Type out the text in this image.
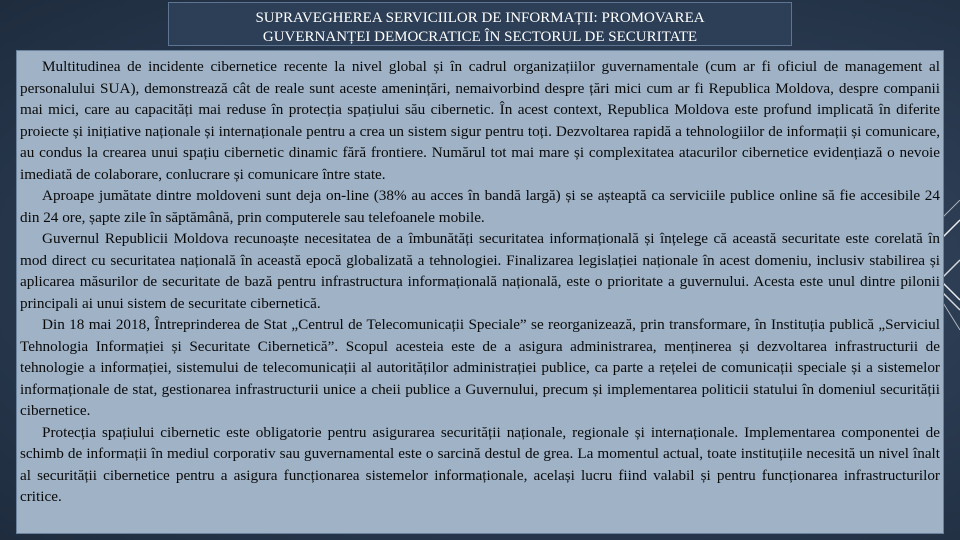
SUPRAVEGHEREA SERVICIILOR DE INFORMAȚII: PROMOVAREA
GUVERNANȚEI DEMOCRATICE ÎN SECTORUL DE SECURITATE

Multitudinea de incidente cibernetice recente la nivel global și în cadrul organizațiilor guvernamentale (cum ar fi oficiul de management al personalului SUA), demonstrează cât de reale sunt aceste amenințări, nemaivorbind despre țări mici cum ar fi Republica Moldova, despre companii mai mici, care au capacități mai reduse în protecția spațiului său cibernetic. În acest context, Republica Moldova este profund implicată în diferite proiecte și inițiative naționale și internaționale pentru a crea un sistem sigur pentru toți. Dezvoltarea rapidă a tehnologiilor de informații și comunicare, au condus la crearea unui spațiu cibernetic dinamic fără frontiere. Numărul tot mai mare și complexitatea atacurilor cibernetice evidențiază o nevoie imediată de colaborare, conlucrare și comunicare între state.

Aproape jumătate dintre moldoveni sunt deja on-line (38% au acces în bandă largă) și se așteaptă ca serviciile publice online să fie accesibile 24 din 24 ore, șapte zile în săptămână, prin computerele sau telefoanele mobile.

Guvernul Republicii Moldova recunoaște necesitatea de a îmbunătăți securitatea informațională și înțelege că această securitate este corelată în mod direct cu securitatea națională în această epocă globalizată a tehnologiei. Finalizarea legislației naționale în acest domeniu, inclusiv stabilirea și aplicarea măsurilor de securitate de bază pentru infrastructura informațională națională, este o prioritate a guvernului. Acesta este unul dintre pilonii principali ai unui sistem de securitate cibernetică.

Din 18 mai 2018, Întreprinderea de Stat „Centrul de Telecomunicații Speciale” se reorganizează, prin transformare, în Instituția publică „Serviciul Tehnologia Informației și Securitate Cibernetică”. Scopul acesteia este de a asigura administrarea, menținerea și dezvoltarea infrastructurii de tehnologie a informației, sistemului de telecomunicații al autorităților administrației publice, ca parte a rețelei de comunicații speciale și a sistemelor informaționale de stat, gestionarea infrastructurii unice a cheii publice a Guvernului, precum și implementarea politicii statului în domeniul securității cibernetice.

Protecția spațiului cibernetic este obligatorie pentru asigurarea securității naționale, regionale și internaționale. Implementarea componentei de schimb de informații în mediul corporativ sau guvernamental este o sarcină destul de grea. La momentul actual, toate instituțiile necesită un nivel înalt al securității cibernetice pentru a asigura funcționarea sistemelor informaționale, același lucru fiind valabil și pentru funcționarea infrastructurilor critice.
